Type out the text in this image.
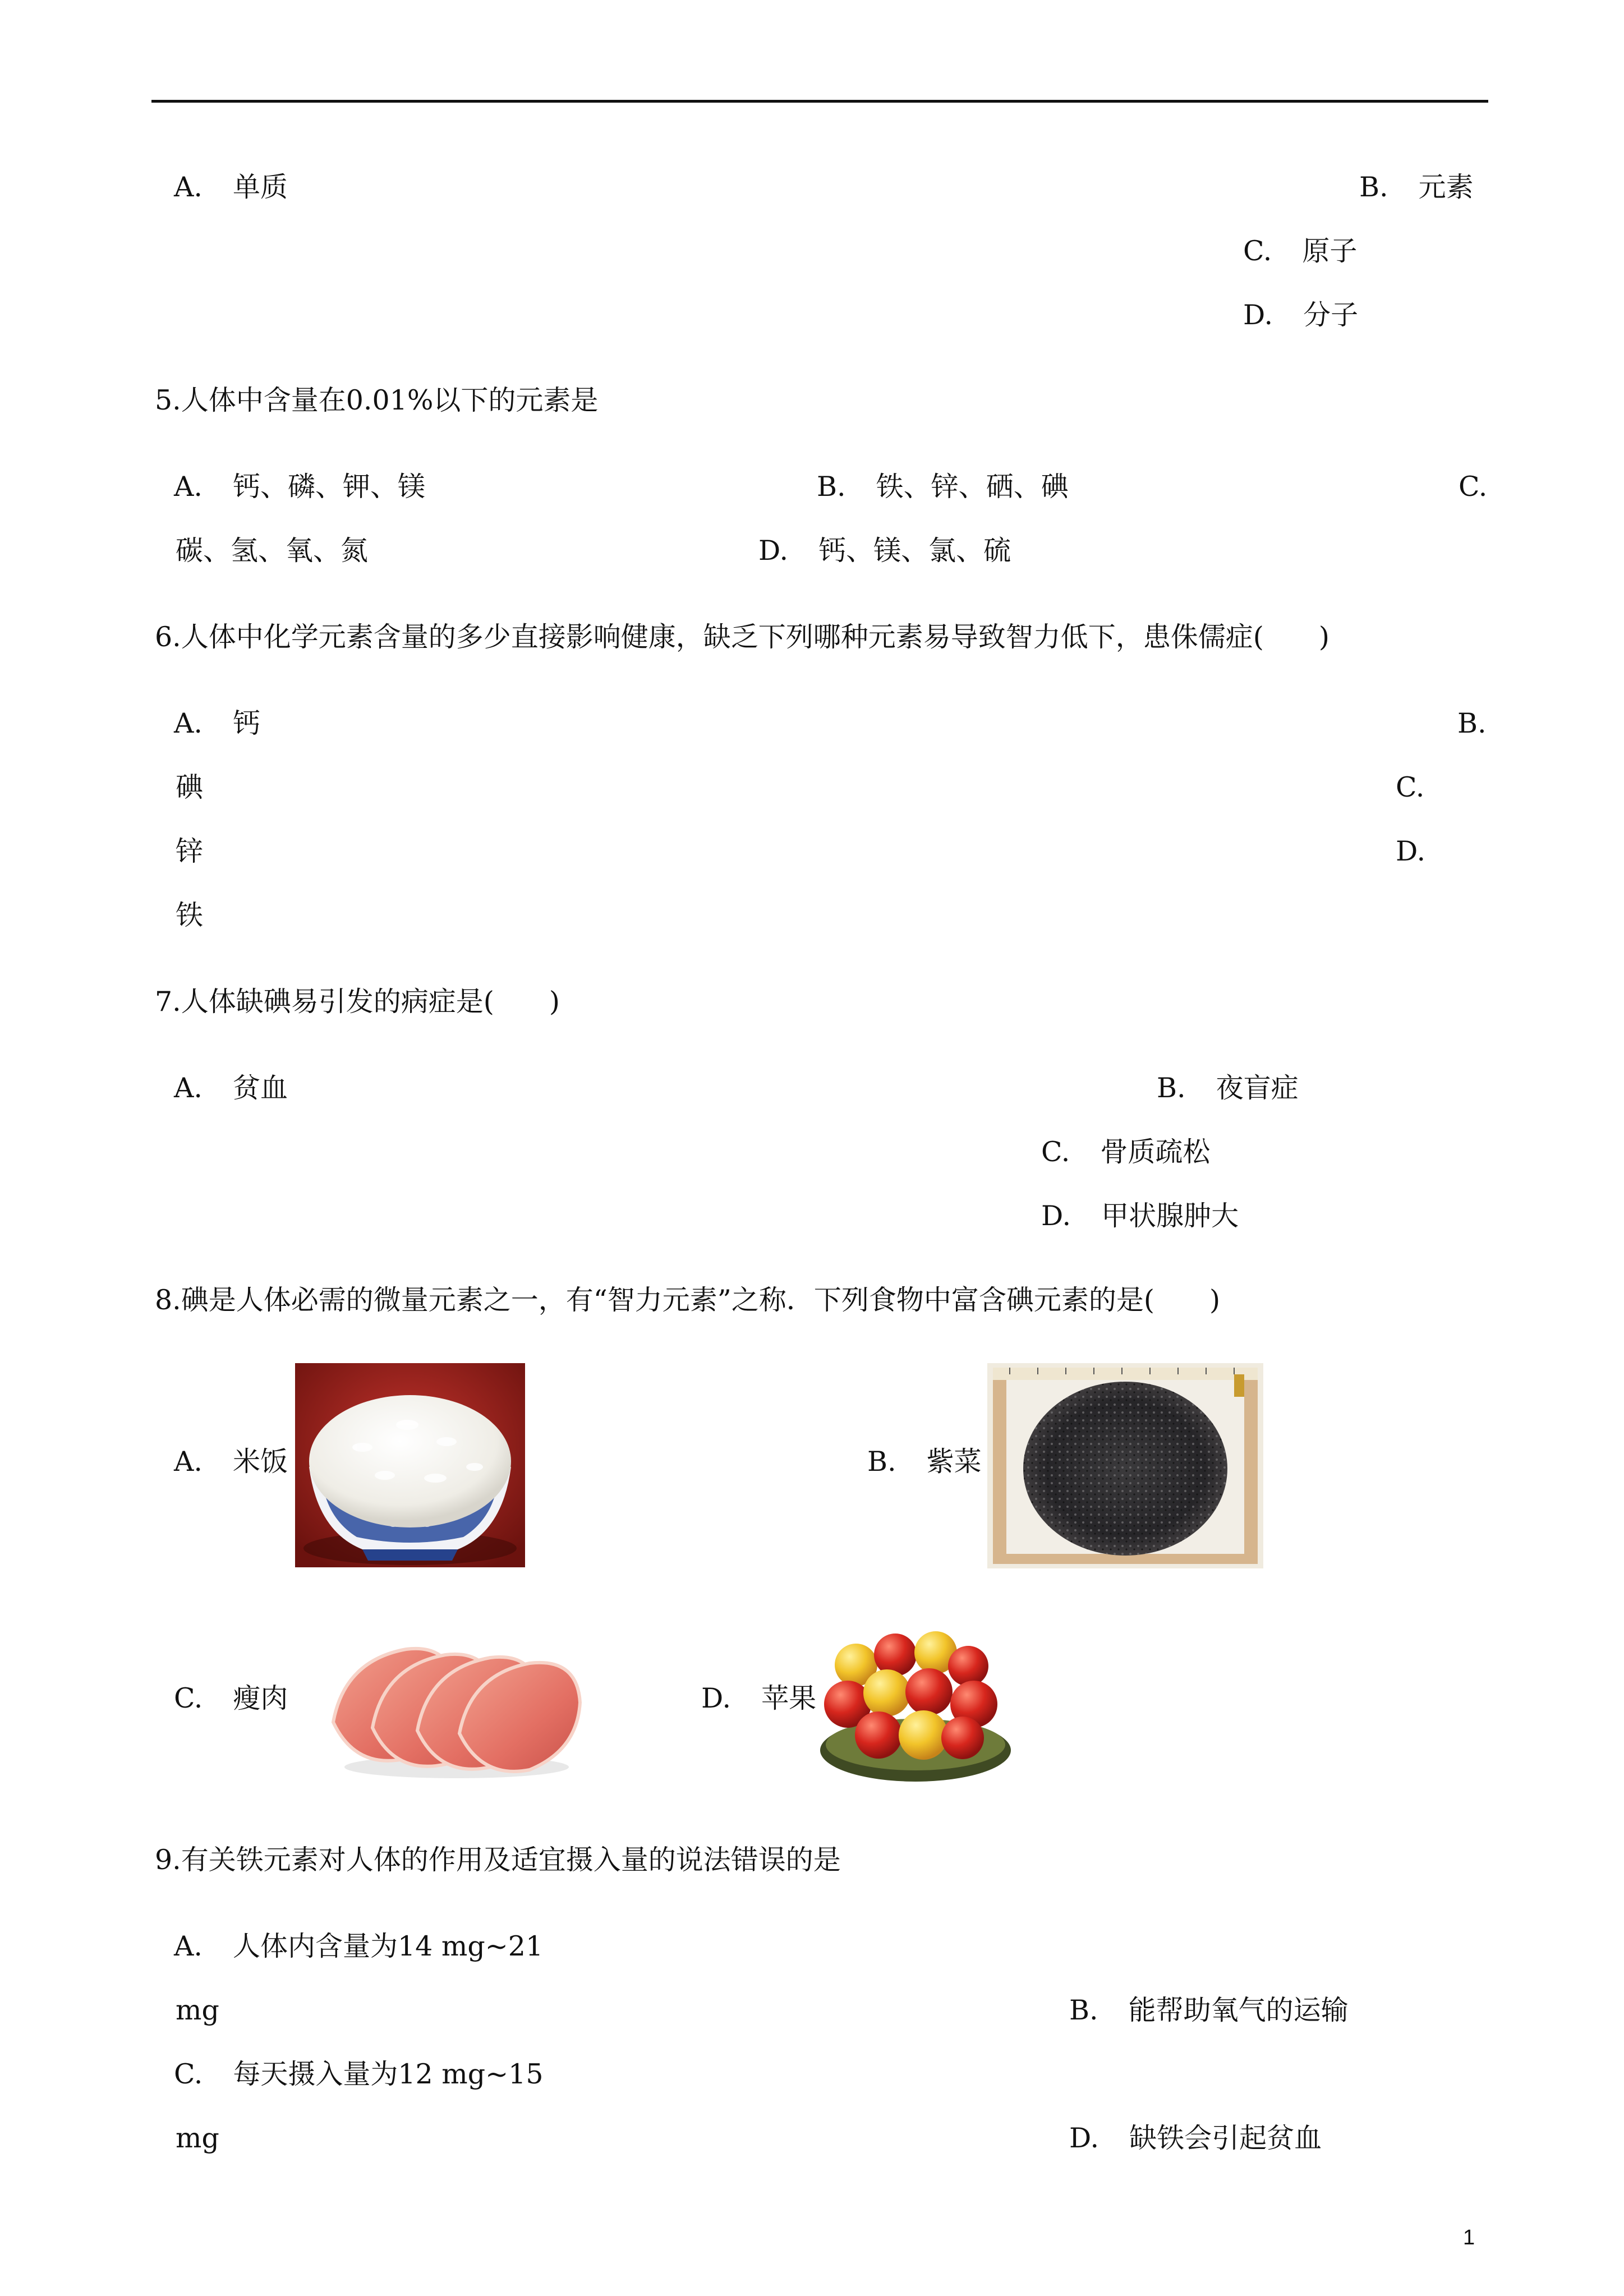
A. 单质	B. 元素
C. 原子
D. 分子
5.人体中含量在0.01%以下的元素是
A. 钙、磷、钾、镁	B. 铁、锌、硒、碘	C.
碳、氢、氧、氮	D. 钙、镁、氯、硫
6.人体中化学元素含量的多少直接影响健康，缺乏下列哪种元素易导致智力低下，患侏儒症(　　)
A. 钙	B.
碘	C.
锌	D.
铁
7.人体缺碘易引发的病症是(　　)
A. 贫血	B. 夜盲症
C. 骨质疏松
D. 甲状腺肿大
8.碘是人体必需的微量元素之一，有“智力元素”之称．下列食物中富含碘元素的是(　　)
A. 米饭	B. 紫菜
C. 瘦肉	D. 苹果
9.有关铁元素对人体的作用及适宜摄入量的说法错误的是
A. 人体内含量为14 mg~21
mg	B. 能帮助氧气的运输
C. 每天摄入量为12 mg~15
mg	D. 缺铁会引起贫血
1
